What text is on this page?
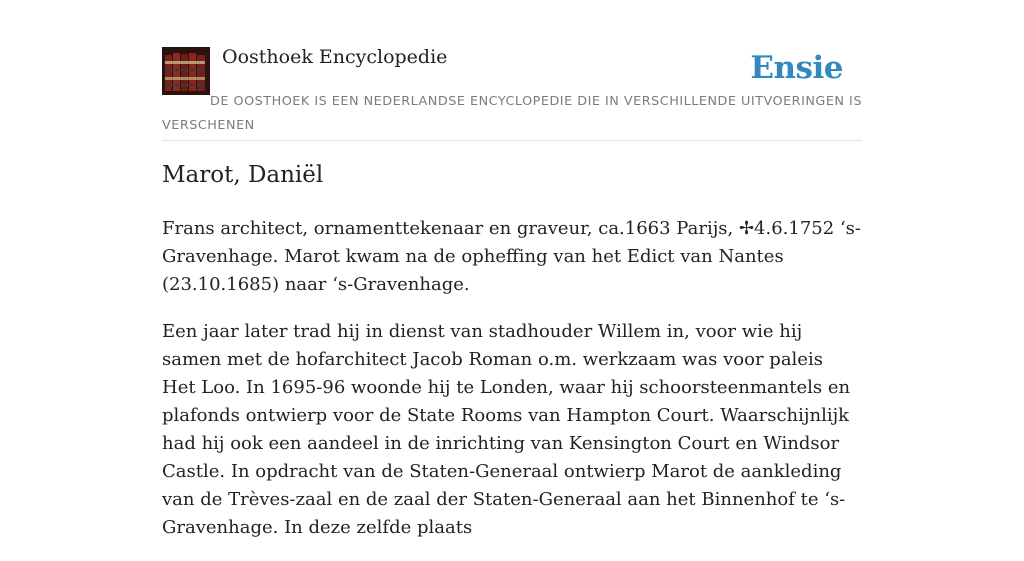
Oosthoek Encyclopedie	Ensie
DE OOSTHOEK IS EEN NEDERLANDSE ENCYCLOPEDIE DIE IN VERSCHILLENDE UITVOERINGEN IS VERSCHENEN
Marot, Daniël

Frans architect, ornamenttekenaar en graveur, ca.1663 Parijs, ✢4.6.1752 ‘s-Gravenhage. Marot kwam na de opheffing van het Edict van Nantes (23.10.1685) naar ‘s-Gravenhage.

Een jaar later trad hij in dienst van stadhouder Willem in, voor wie hij samen met de hofarchitect Jacob Roman o.m. werkzaam was voor paleis Het Loo. In 1695-96 woonde hij te Londen, waar hij schoorsteenmantels en plafonds ontwierp voor de State Rooms van Hampton Court. Waarschijnlijk had hij ook een aandeel in de inrichting van Kensington Court en Windsor Castle. In opdracht van de Staten-Generaal ontwierp Marot de aankleding van de Trèves-zaal en de zaal der Staten-Generaal aan het Binnenhof te ‘s-Gravenhage. In deze zelfde plaats
